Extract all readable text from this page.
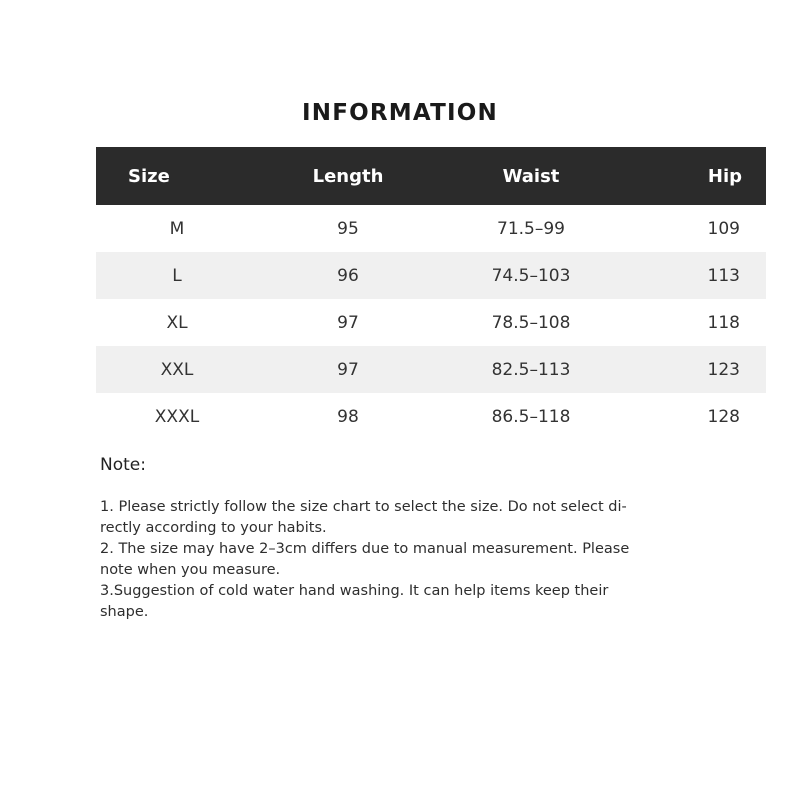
INFORMATION
Size	Length	Waist	Hip
M	95	71.5–99	109
L	96	74.5–103	113
XL	97	78.5–108	118
XXL	97	82.5–113	123
XXXL	98	86.5–118	128
Note:
1. Please strictly follow the size chart to select the size. Do not select di-
rectly according to your habits.
2. The size may have 2–3cm differs due to manual measurement. Please
note when you measure.
3.Suggestion of cold water hand washing. It can help items keep their
shape.
